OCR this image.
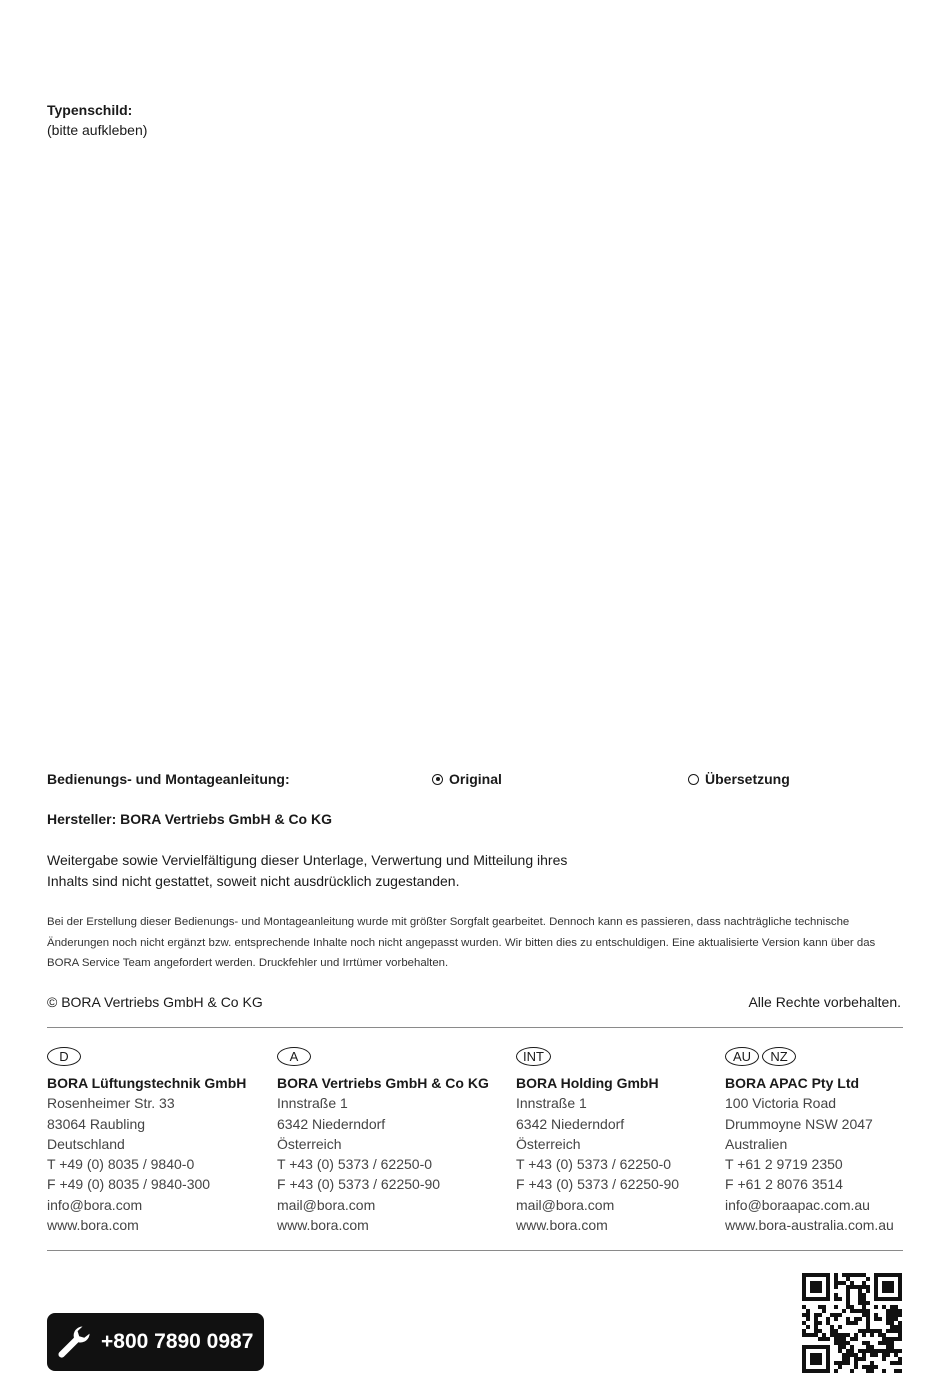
Typenschild:
(bitte aufkleben)
Bedienungs- und Montageanleitung:	Original	Übersetzung
Hersteller: BORA Vertriebs GmbH & Co KG
Weitergabe sowie Vervielfältigung dieser Unterlage, Verwertung und Mitteilung ihres Inhalts sind nicht gestattet, soweit nicht ausdrücklich zugestanden.
Bei der Erstellung dieser Bedienungs- und Montageanleitung wurde mit größter Sorgfalt gearbeitet. Dennoch kann es passieren, dass nachträgliche technische Änderungen noch nicht ergänzt bzw. entsprechende Inhalte noch nicht angepasst wurden. Wir bitten dies zu entschuldigen. Eine aktualisierte Version kann über das BORA Service Team angefordert werden. Druckfehler und Irrtümer vorbehalten.
© BORA Vertriebs GmbH & Co KG	Alle Rechte vorbehalten.
D
BORA Lüftungstechnik GmbH
Rosenheimer Str. 33
83064 Raubling
Deutschland
T +49 (0) 8035 / 9840-0
F +49 (0) 8035 / 9840-300
info@bora.com
www.bora.com
A
BORA Vertriebs GmbH & Co KG
Innstraße 1
6342 Niederndorf
Österreich
T +43 (0) 5373 / 62250-0
F +43 (0) 5373 / 62250-90
mail@bora.com
www.bora.com
INT
BORA Holding GmbH
Innstraße 1
6342 Niederndorf
Österreich
T +43 (0) 5373 / 62250-0
F +43 (0) 5373 / 62250-90
mail@bora.com
www.bora.com
AU	NZ
BORA APAC Pty Ltd
100 Victoria Road
Drummoyne NSW 2047
Australien
T +61 2 9719 2350
F +61 2 8076 3514
info@boraapac.com.au
www.bora-australia.com.au
+800 7890 0987
